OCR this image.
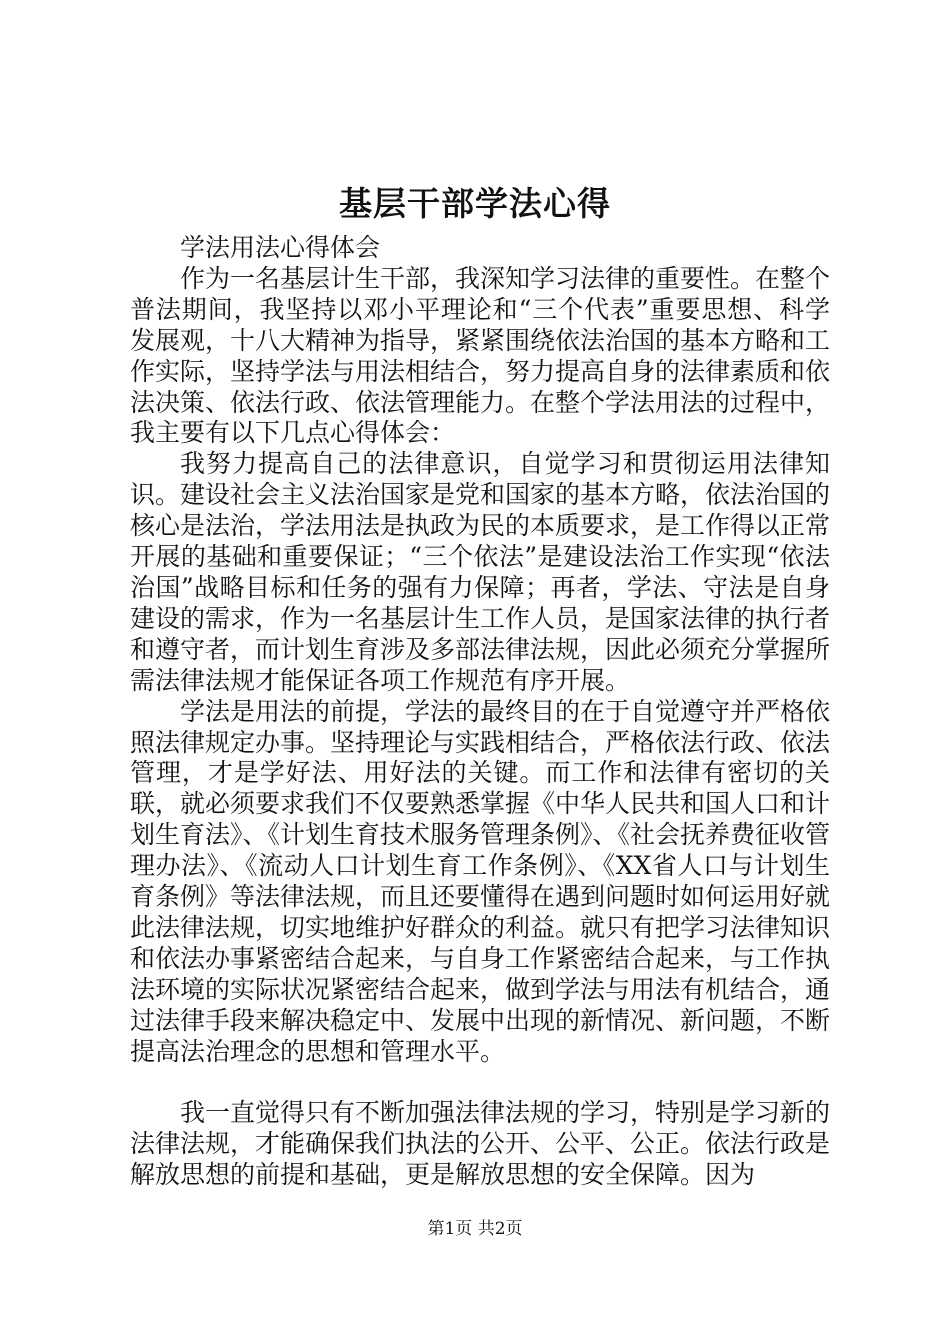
基层干部学法心得

学法用法心得体会

作为一名基层计生干部，我深知学习法律的重要性。在整个普法期间，我坚持以邓小平理论和“三个代表”重要思想、科学发展观，十八大精神为指导，紧紧围绕依法治国的基本方略和工作实际，坚持学法与用法相结合，努力提高自身的法律素质和依法决策、依法行政、依法管理能力。在整个学法用法的过程中，我主要有以下几点心得体会：

我努力提高自己的法律意识，自觉学习和贯彻运用法律知识。建设社会主义法治国家是党和国家的基本方略，依法治国的核心是法治，学法用法是执政为民的本质要求，是工作得以正常开展的基础和重要保证；“三个依法”是建设法治工作实现“依法治国”战略目标和任务的强有力保障；再者，学法、守法是自身建设的需求，作为一名基层计生工作人员，是国家法律的执行者和遵守者，而计划生育涉及多部法律法规，因此必须充分掌握所需法律法规才能保证各项工作规范有序开展。

学法是用法的前提，学法的最终目的在于自觉遵守并严格依照法律规定办事。坚持理论与实践相结合，严格依法行政、依法管理，才是学好法、用好法的关键。而工作和法律有密切的关联，就必须要求我们不仅要熟悉掌握《中华人民共和国人口和计划生育法》、《计划生育技术服务管理条例》、《社会抚养费征收管理办法》、《流动人口计划生育工作条例》、《XX省人口与计划生育条例》等法律法规，而且还要懂得在遇到问题时如何运用好就此法律法规，切实地维护好群众的利益。就只有把学习法律知识和依法办事紧密结合起来，与自身工作紧密结合起来，与工作执法环境的实际状况紧密结合起来，做到学法与用法有机结合，通过法律手段来解决稳定中、发展中出现的新情况、新问题，不断提高法治理念的思想和管理水平。

我一直觉得只有不断加强法律法规的学习，特别是学习新的法律法规，才能确保我们执法的公开、公平、公正。依法行政是解放思想的前提和基础，更是解放思想的安全保障。因为

第1页 共2页
